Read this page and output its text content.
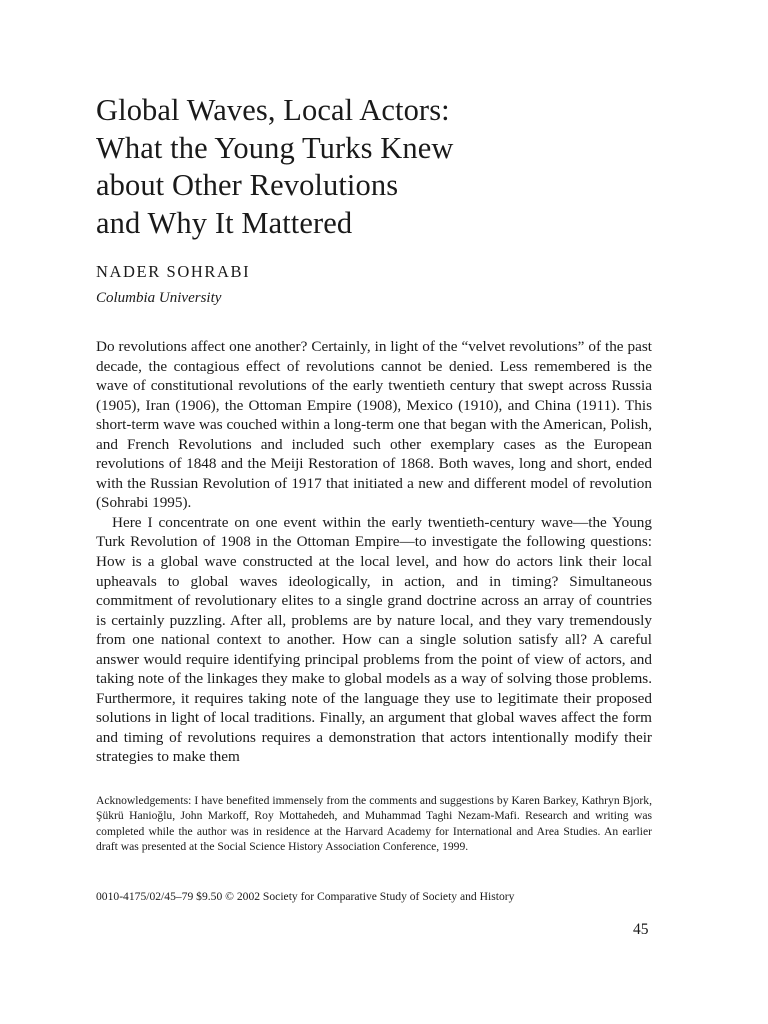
Global Waves, Local Actors:
What the Young Turks Knew
about Other Revolutions
and Why It Mattered
NADER SOHRABI
Columbia University

Do revolutions affect one another? Certainly, in light of the “velvet revolutions” of the past decade, the contagious effect of revolutions cannot be denied. Less remembered is the wave of constitutional revolutions of the early twentieth century that swept across Russia (1905), Iran (1906), the Ottoman Empire (1908), Mexico (1910), and China (1911). This short-term wave was couched within a long-term one that began with the American, Polish, and French Revolutions and included such other exemplary cases as the European revolutions of 1848 and the Meiji Restoration of 1868. Both waves, long and short, ended with the Russian Revolution of 1917 that initiated a new and different model of revolution (Sohrabi 1995).

Here I concentrate on one event within the early twentieth-century wave—the Young Turk Revolution of 1908 in the Ottoman Empire—to investigate the following questions: How is a global wave constructed at the local level, and how do actors link their local upheavals to global waves ideologically, in action, and in timing? Simultaneous commitment of revolutionary elites to a single grand doctrine across an array of countries is certainly puzzling. After all, problems are by nature local, and they vary tremendously from one national context to another. How can a single solution satisfy all? A careful answer would require identifying principal problems from the point of view of actors, and taking note of the linkages they make to global models as a way of solving those problems. Furthermore, it requires taking note of the language they use to legitimate their proposed solutions in light of local traditions. Finally, an argument that global waves affect the form and timing of revolutions requires a demonstration that actors intentionally modify their strategies to make them

Acknowledgements: I have benefited immensely from the comments and suggestions by Karen Barkey, Kathryn Bjork, Şükrü Hanioğlu, John Markoff, Roy Mottahedeh, and Muhammad Taghi Nezam-Mafi. Research and writing was completed while the author was in residence at the Harvard Academy for International and Area Studies. An earlier draft was presented at the Social Science History Association Conference, 1999.

0010-4175/02/45–79 $9.50 © 2002 Society for Comparative Study of Society and History
45
